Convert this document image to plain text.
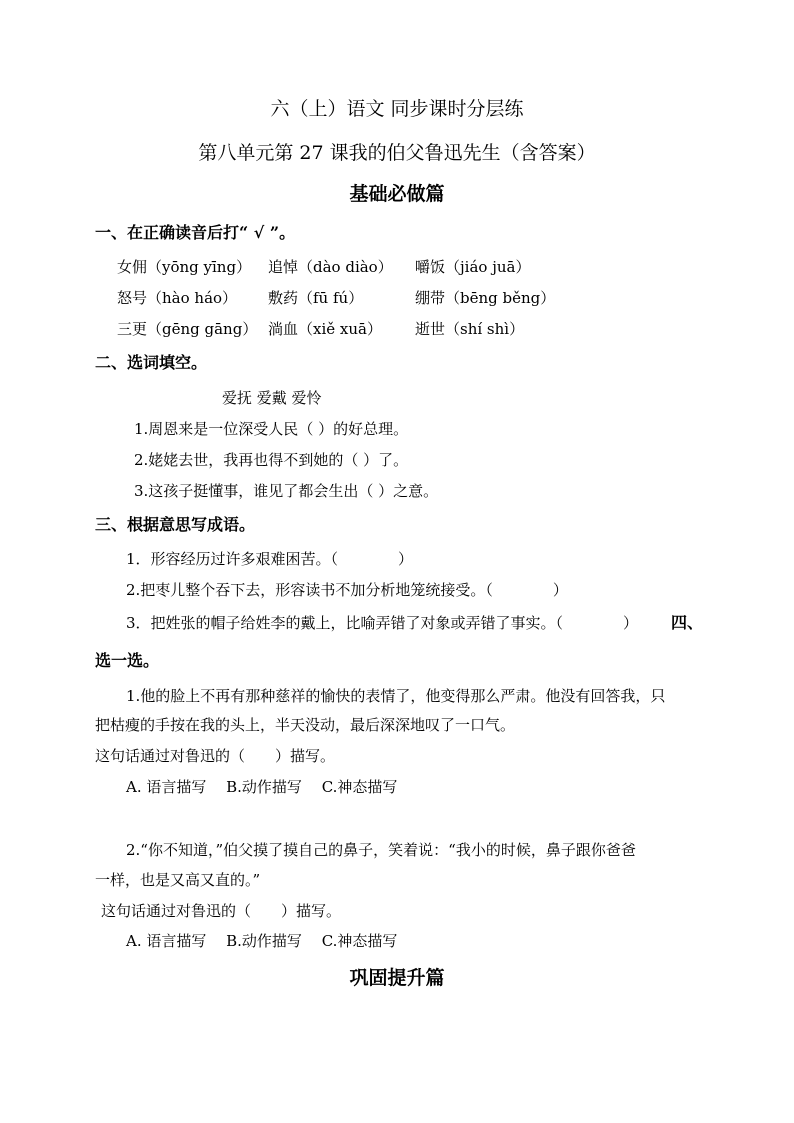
六（上）语文 同步课时分层练
第八单元第 27 课我的伯父鲁迅先生（含答案）
基础必做篇
一、在正确读音后打“ √ ”。
女佣（yōng yīng） 追悼（dào diào） 嚼饭（jiáo juā）
怒号（hào háo） 敷药（fū fú）	绷带（bēng běng）
三更（gēng gāng） 淌血（xiě xuā） 逝世（shí shì）
二、选词填空。
爱抚 爱戴 爱怜
1.周恩来是一位深受人民（ ）的好总理。
2.姥姥去世，我再也得不到她的（ ）了。
3.这孩子挺懂事，谁见了都会生出（ ）之意。
三、根据意思写成语。
1．形容经历过许多艰难困苦。（　　　　）
2.把枣儿整个吞下去，形容读书不加分析地笼统接受。（　　　　）
3．把姓张的帽子给姓李的戴上，比喻弄错了对象或弄错了事实。（　　　　） 四、
选一选。
1.他的脸上不再有那种慈祥的愉快的表情了，他变得那么严肃。他没有回答我，只
把枯瘦的手按在我的头上，半天没动，最后深深地叹了一口气。
这句话通过对鲁迅的（　　）描写。
A. 语言描写　 B.动作描写　 C.神态描写
2.“你不知道，”伯父摸了摸自己的鼻子，笑着说：“我小的时候，鼻子跟你爸爸
一样，也是又高又直的。”
这句话通过对鲁迅的（　　）描写。
A. 语言描写　 B.动作描写　 C.神态描写
巩固提升篇
